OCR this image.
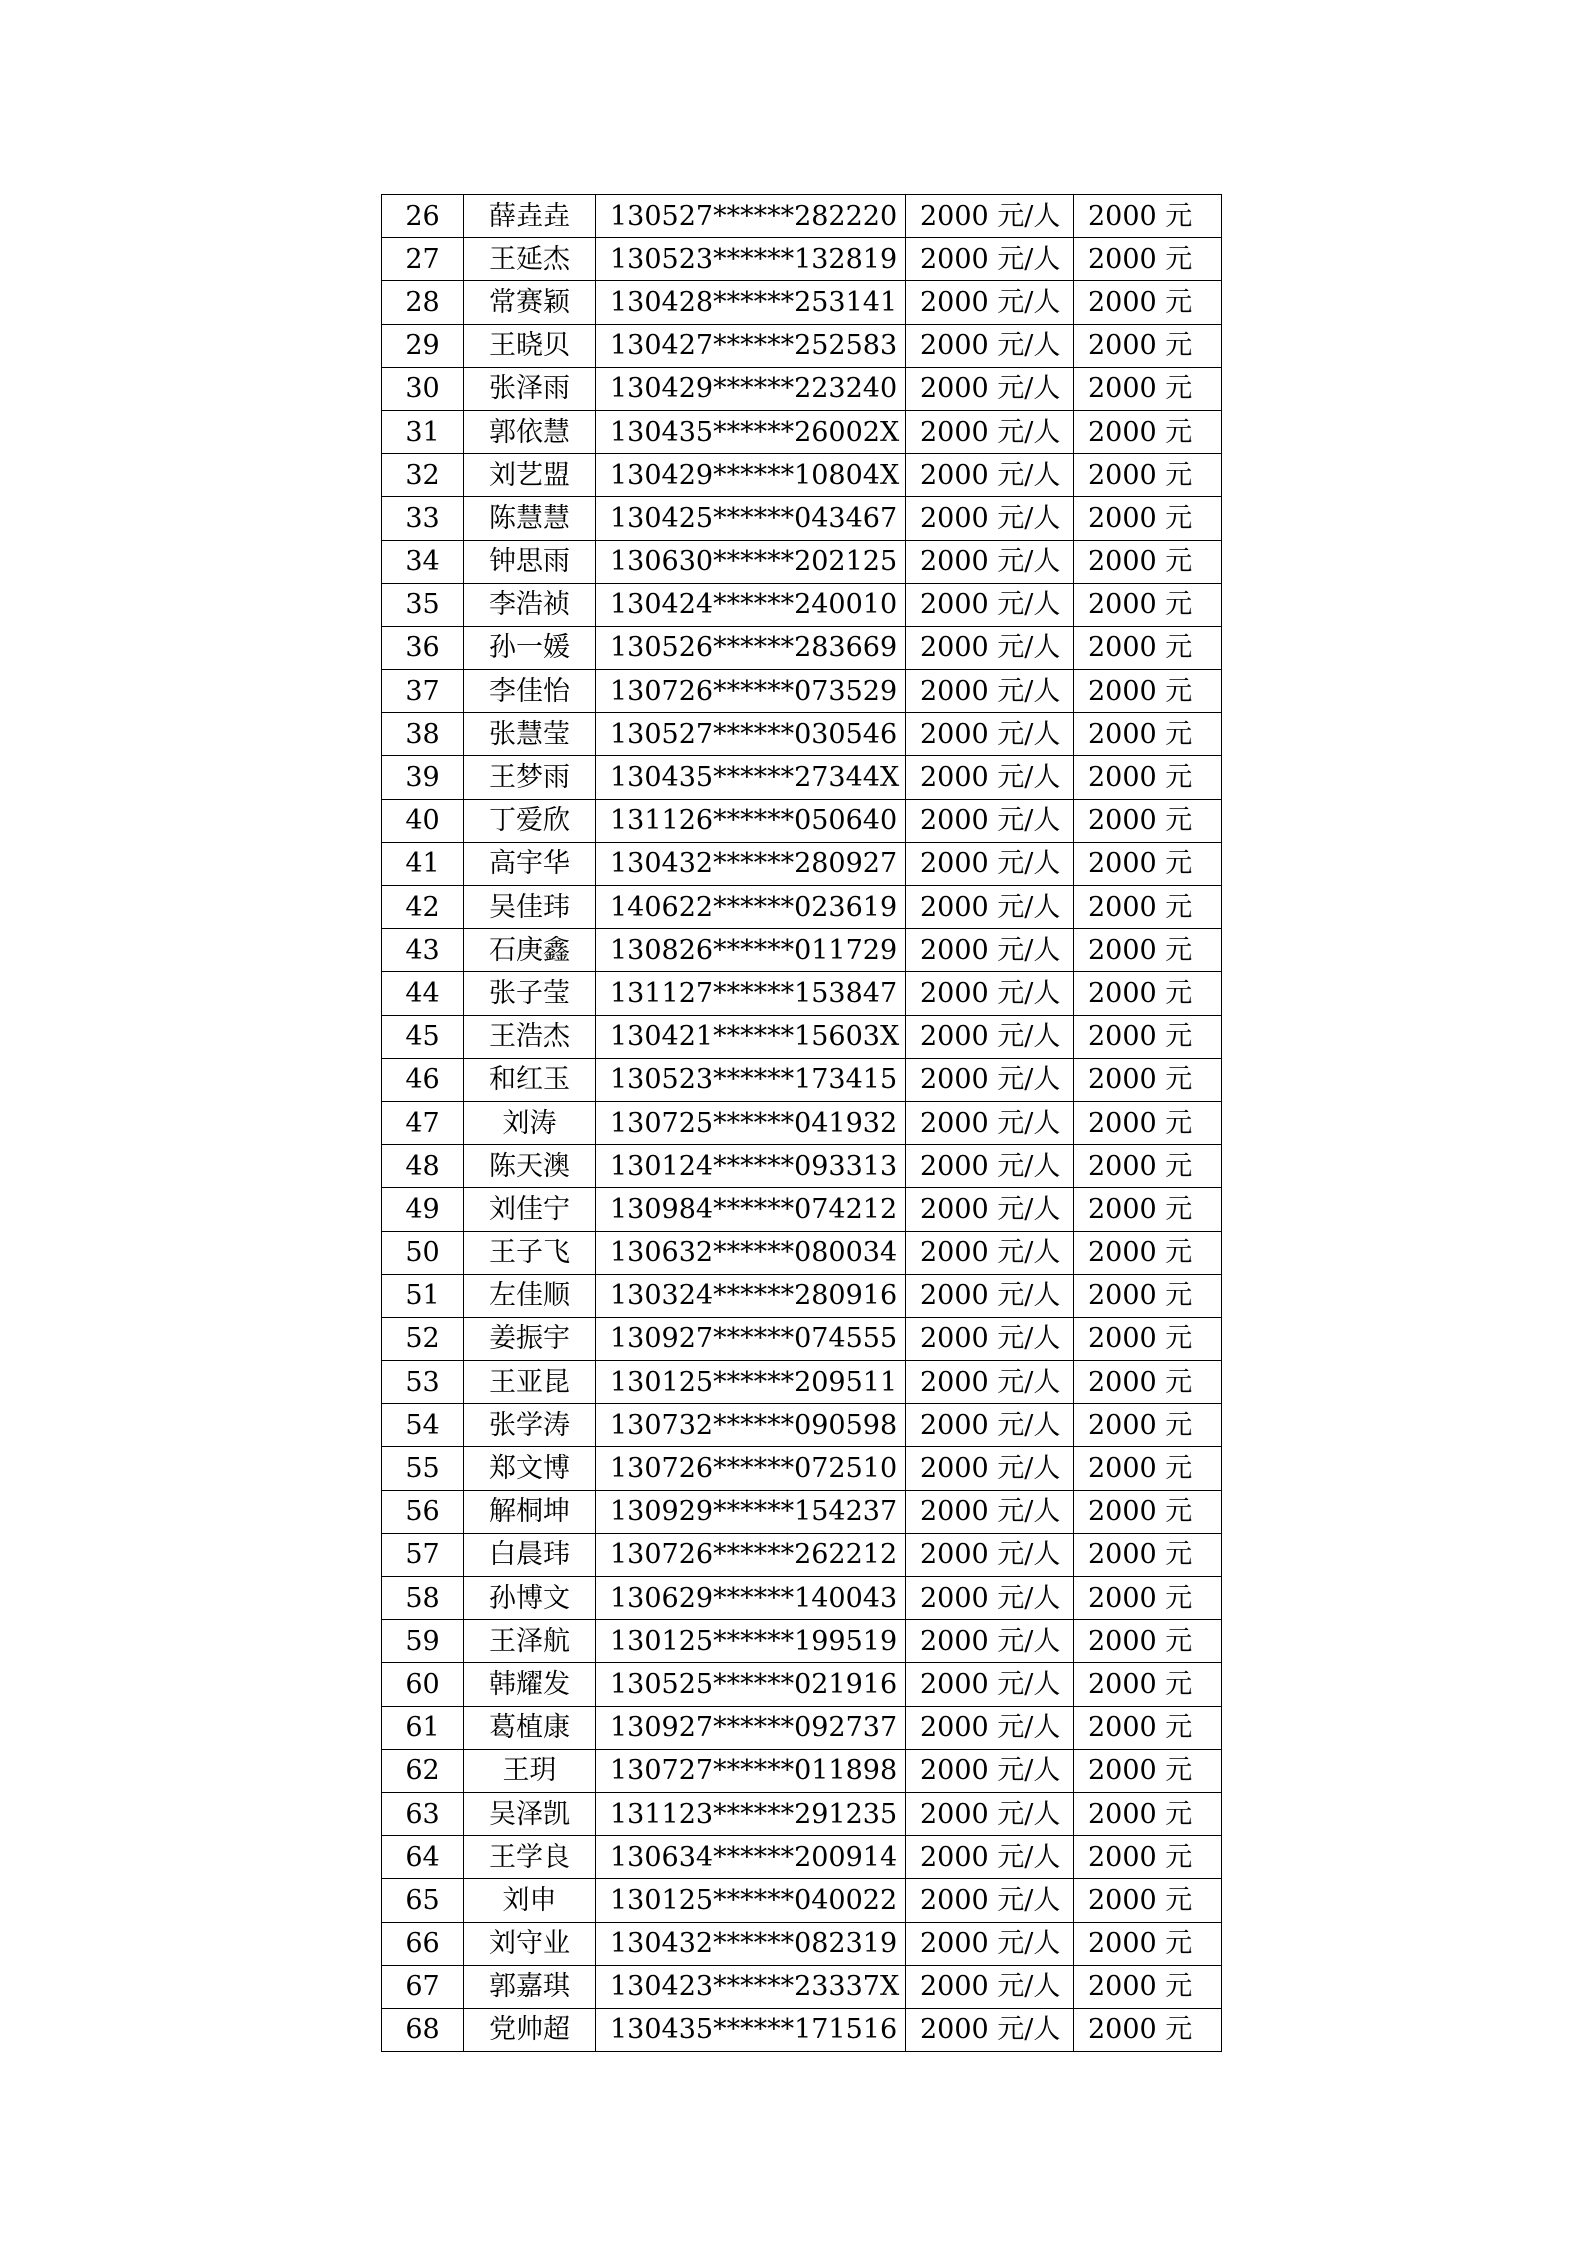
26	薛垚垚	130527******282220	2000 元/人	2000 元
27	王延杰	130523******132819	2000 元/人	2000 元
28	常赛颖	130428******253141	2000 元/人	2000 元
29	王晓贝	130427******252583	2000 元/人	2000 元
30	张泽雨	130429******223240	2000 元/人	2000 元
31	郭依慧	130435******26002X	2000 元/人	2000 元
32	刘艺盟	130429******10804X	2000 元/人	2000 元
33	陈慧慧	130425******043467	2000 元/人	2000 元
34	钟思雨	130630******202125	2000 元/人	2000 元
35	李浩祯	130424******240010	2000 元/人	2000 元
36	孙一媛	130526******283669	2000 元/人	2000 元
37	李佳怡	130726******073529	2000 元/人	2000 元
38	张慧莹	130527******030546	2000 元/人	2000 元
39	王梦雨	130435******27344X	2000 元/人	2000 元
40	丁爱欣	131126******050640	2000 元/人	2000 元
41	高宇华	130432******280927	2000 元/人	2000 元
42	吴佳玮	140622******023619	2000 元/人	2000 元
43	石庚鑫	130826******011729	2000 元/人	2000 元
44	张子莹	131127******153847	2000 元/人	2000 元
45	王浩杰	130421******15603X	2000 元/人	2000 元
46	和红玉	130523******173415	2000 元/人	2000 元
47	刘涛	130725******041932	2000 元/人	2000 元
48	陈天澳	130124******093313	2000 元/人	2000 元
49	刘佳宁	130984******074212	2000 元/人	2000 元
50	王子飞	130632******080034	2000 元/人	2000 元
51	左佳顺	130324******280916	2000 元/人	2000 元
52	姜振宇	130927******074555	2000 元/人	2000 元
53	王亚昆	130125******209511	2000 元/人	2000 元
54	张学涛	130732******090598	2000 元/人	2000 元
55	郑文博	130726******072510	2000 元/人	2000 元
56	解桐坤	130929******154237	2000 元/人	2000 元
57	白晨玮	130726******262212	2000 元/人	2000 元
58	孙博文	130629******140043	2000 元/人	2000 元
59	王泽航	130125******199519	2000 元/人	2000 元
60	韩耀发	130525******021916	2000 元/人	2000 元
61	葛植康	130927******092737	2000 元/人	2000 元
62	王玥	130727******011898	2000 元/人	2000 元
63	吴泽凯	131123******291235	2000 元/人	2000 元
64	王学良	130634******200914	2000 元/人	2000 元
65	刘申	130125******040022	2000 元/人	2000 元
66	刘守业	130432******082319	2000 元/人	2000 元
67	郭嘉琪	130423******23337X	2000 元/人	2000 元
68	党帅超	130435******171516	2000 元/人	2000 元
